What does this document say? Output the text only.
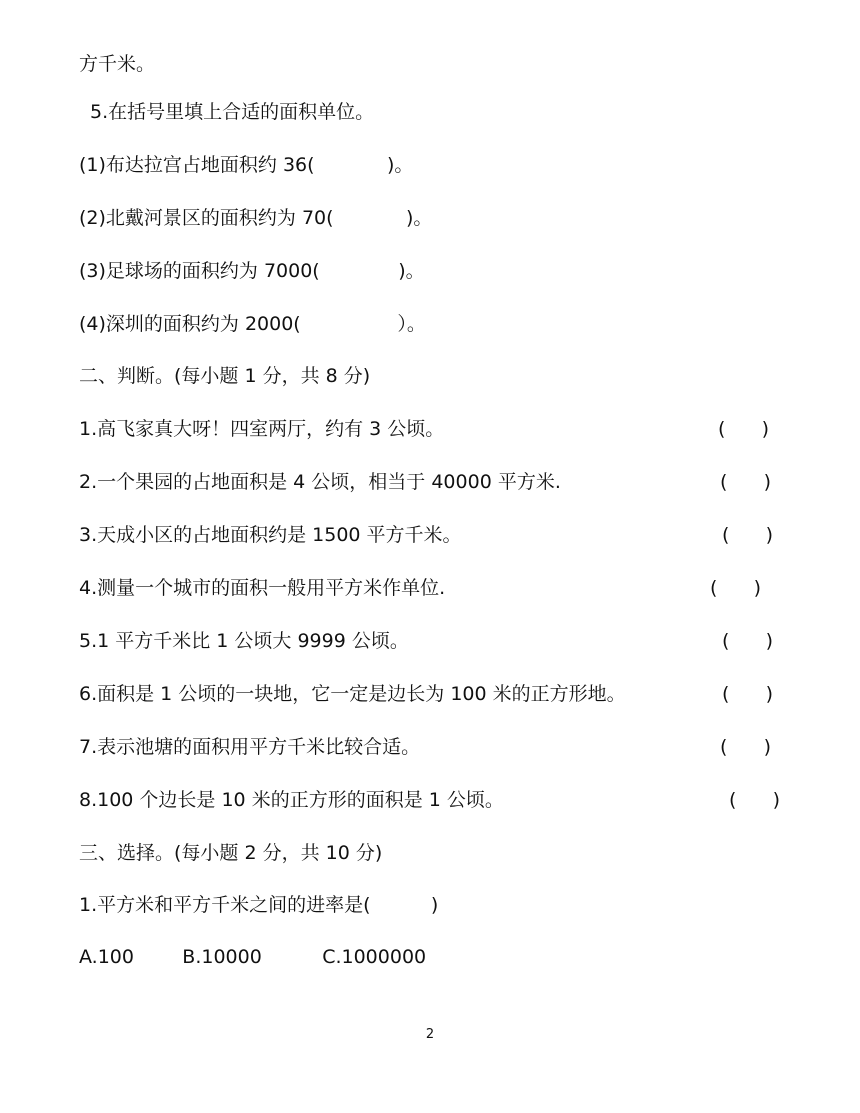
方千米。
5.在括号里填上合适的面积单位。
(1)布达拉宫占地面积约 36(            )。
(2)北戴河景区的面积约为 70(            )。
(3)足球场的面积约为 7000(             )。
(4)深圳的面积约为 2000(                ）。
二、判断。(每小题 1 分，共 8 分)
1.高飞家真大呀！四室两厅，约有 3 公顷。	(      )
2.一个果园的占地面积是 4 公顷，相当于 40000 平方米.	(      )
3.天成小区的占地面积约是 1500 平方千米。	(      )
4.测量一个城市的面积一般用平方米作单位.	(      )
5.1 平方千米比 1 公顷大 9999 公顷。	(      )
6.面积是 1 公顷的一块地，它一定是边长为 100 米的正方形地。	(      )
7.表示池塘的面积用平方千米比较合适。	(      )
8.100 个边长是 10 米的正方形的面积是 1 公顷。	(      )
三、选择。(每小题 2 分，共 10 分)
1.平方米和平方千米之间的进率是(          )
A.100        B.10000          C.1000000
2
